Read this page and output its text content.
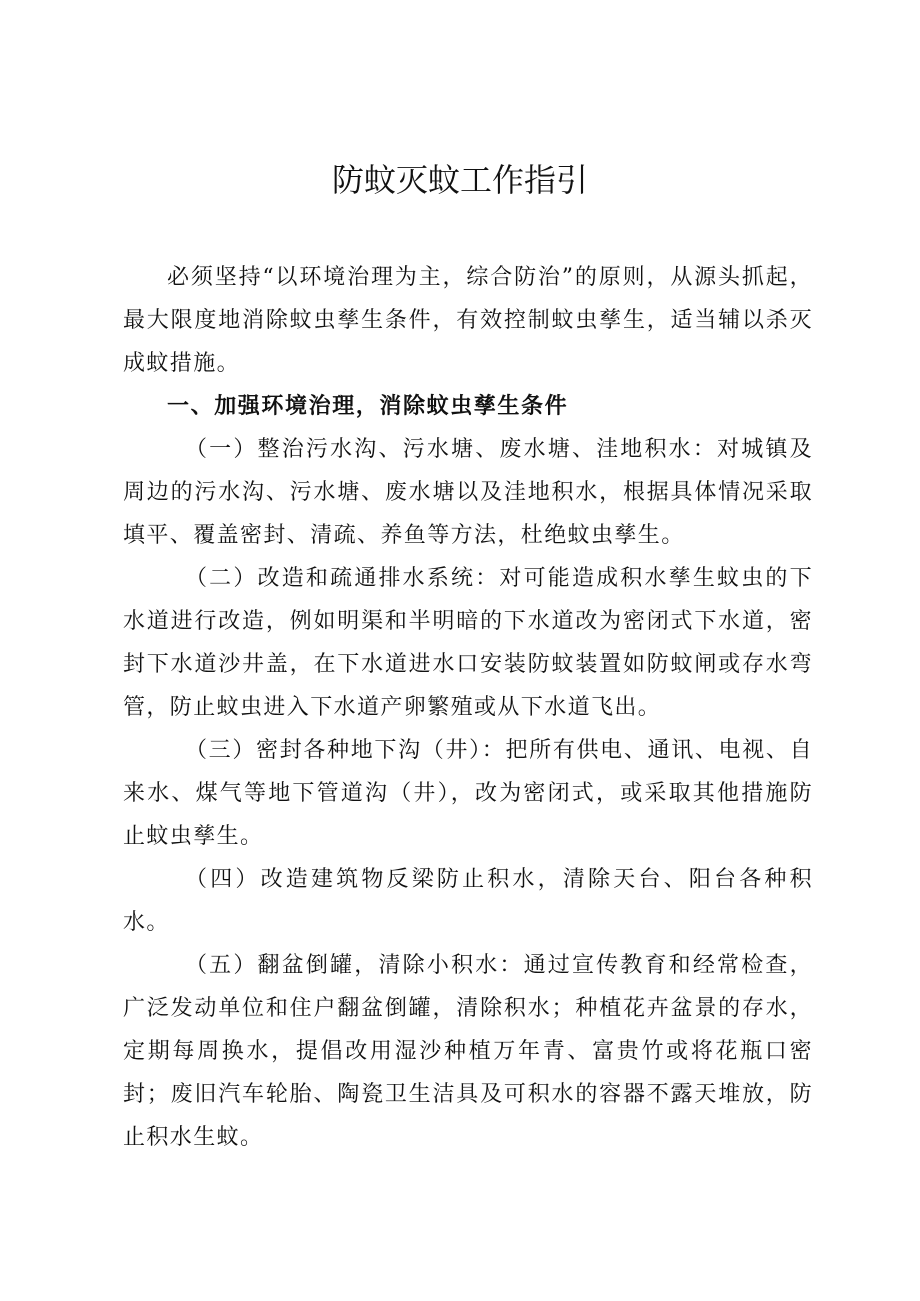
防蚊灭蚊工作指引

必须坚持“以环境治理为主，综合防治”的原则，从源头抓起，最大限度地消除蚊虫孳生条件，有效控制蚊虫孳生，适当辅以杀灭成蚊措施。

一、加强环境治理，消除蚊虫孳生条件

（一）整治污水沟、污水塘、废水塘、洼地积水：对城镇及周边的污水沟、污水塘、废水塘以及洼地积水，根据具体情况采取填平、覆盖密封、清疏、养鱼等方法，杜绝蚊虫孳生。

（二）改造和疏通排水系统：对可能造成积水孳生蚊虫的下水道进行改造，例如明渠和半明暗的下水道改为密闭式下水道，密封下水道沙井盖，在下水道进水口安装防蚊装置如防蚊闸或存水弯管，防止蚊虫进入下水道产卵繁殖或从下水道飞出。

（三）密封各种地下沟（井）：把所有供电、通讯、电视、自来水、煤气等地下管道沟（井），改为密闭式，或采取其他措施防止蚊虫孳生。

（四）改造建筑物反梁防止积水，清除天台、阳台各种积水。

（五）翻盆倒罐，清除小积水：通过宣传教育和经常检查，广泛发动单位和住户翻盆倒罐，清除积水；种植花卉盆景的存水，定期每周换水，提倡改用湿沙种植万年青、富贵竹或将花瓶口密封；废旧汽车轮胎、陶瓷卫生洁具及可积水的容器不露天堆放，防止积水生蚊。
